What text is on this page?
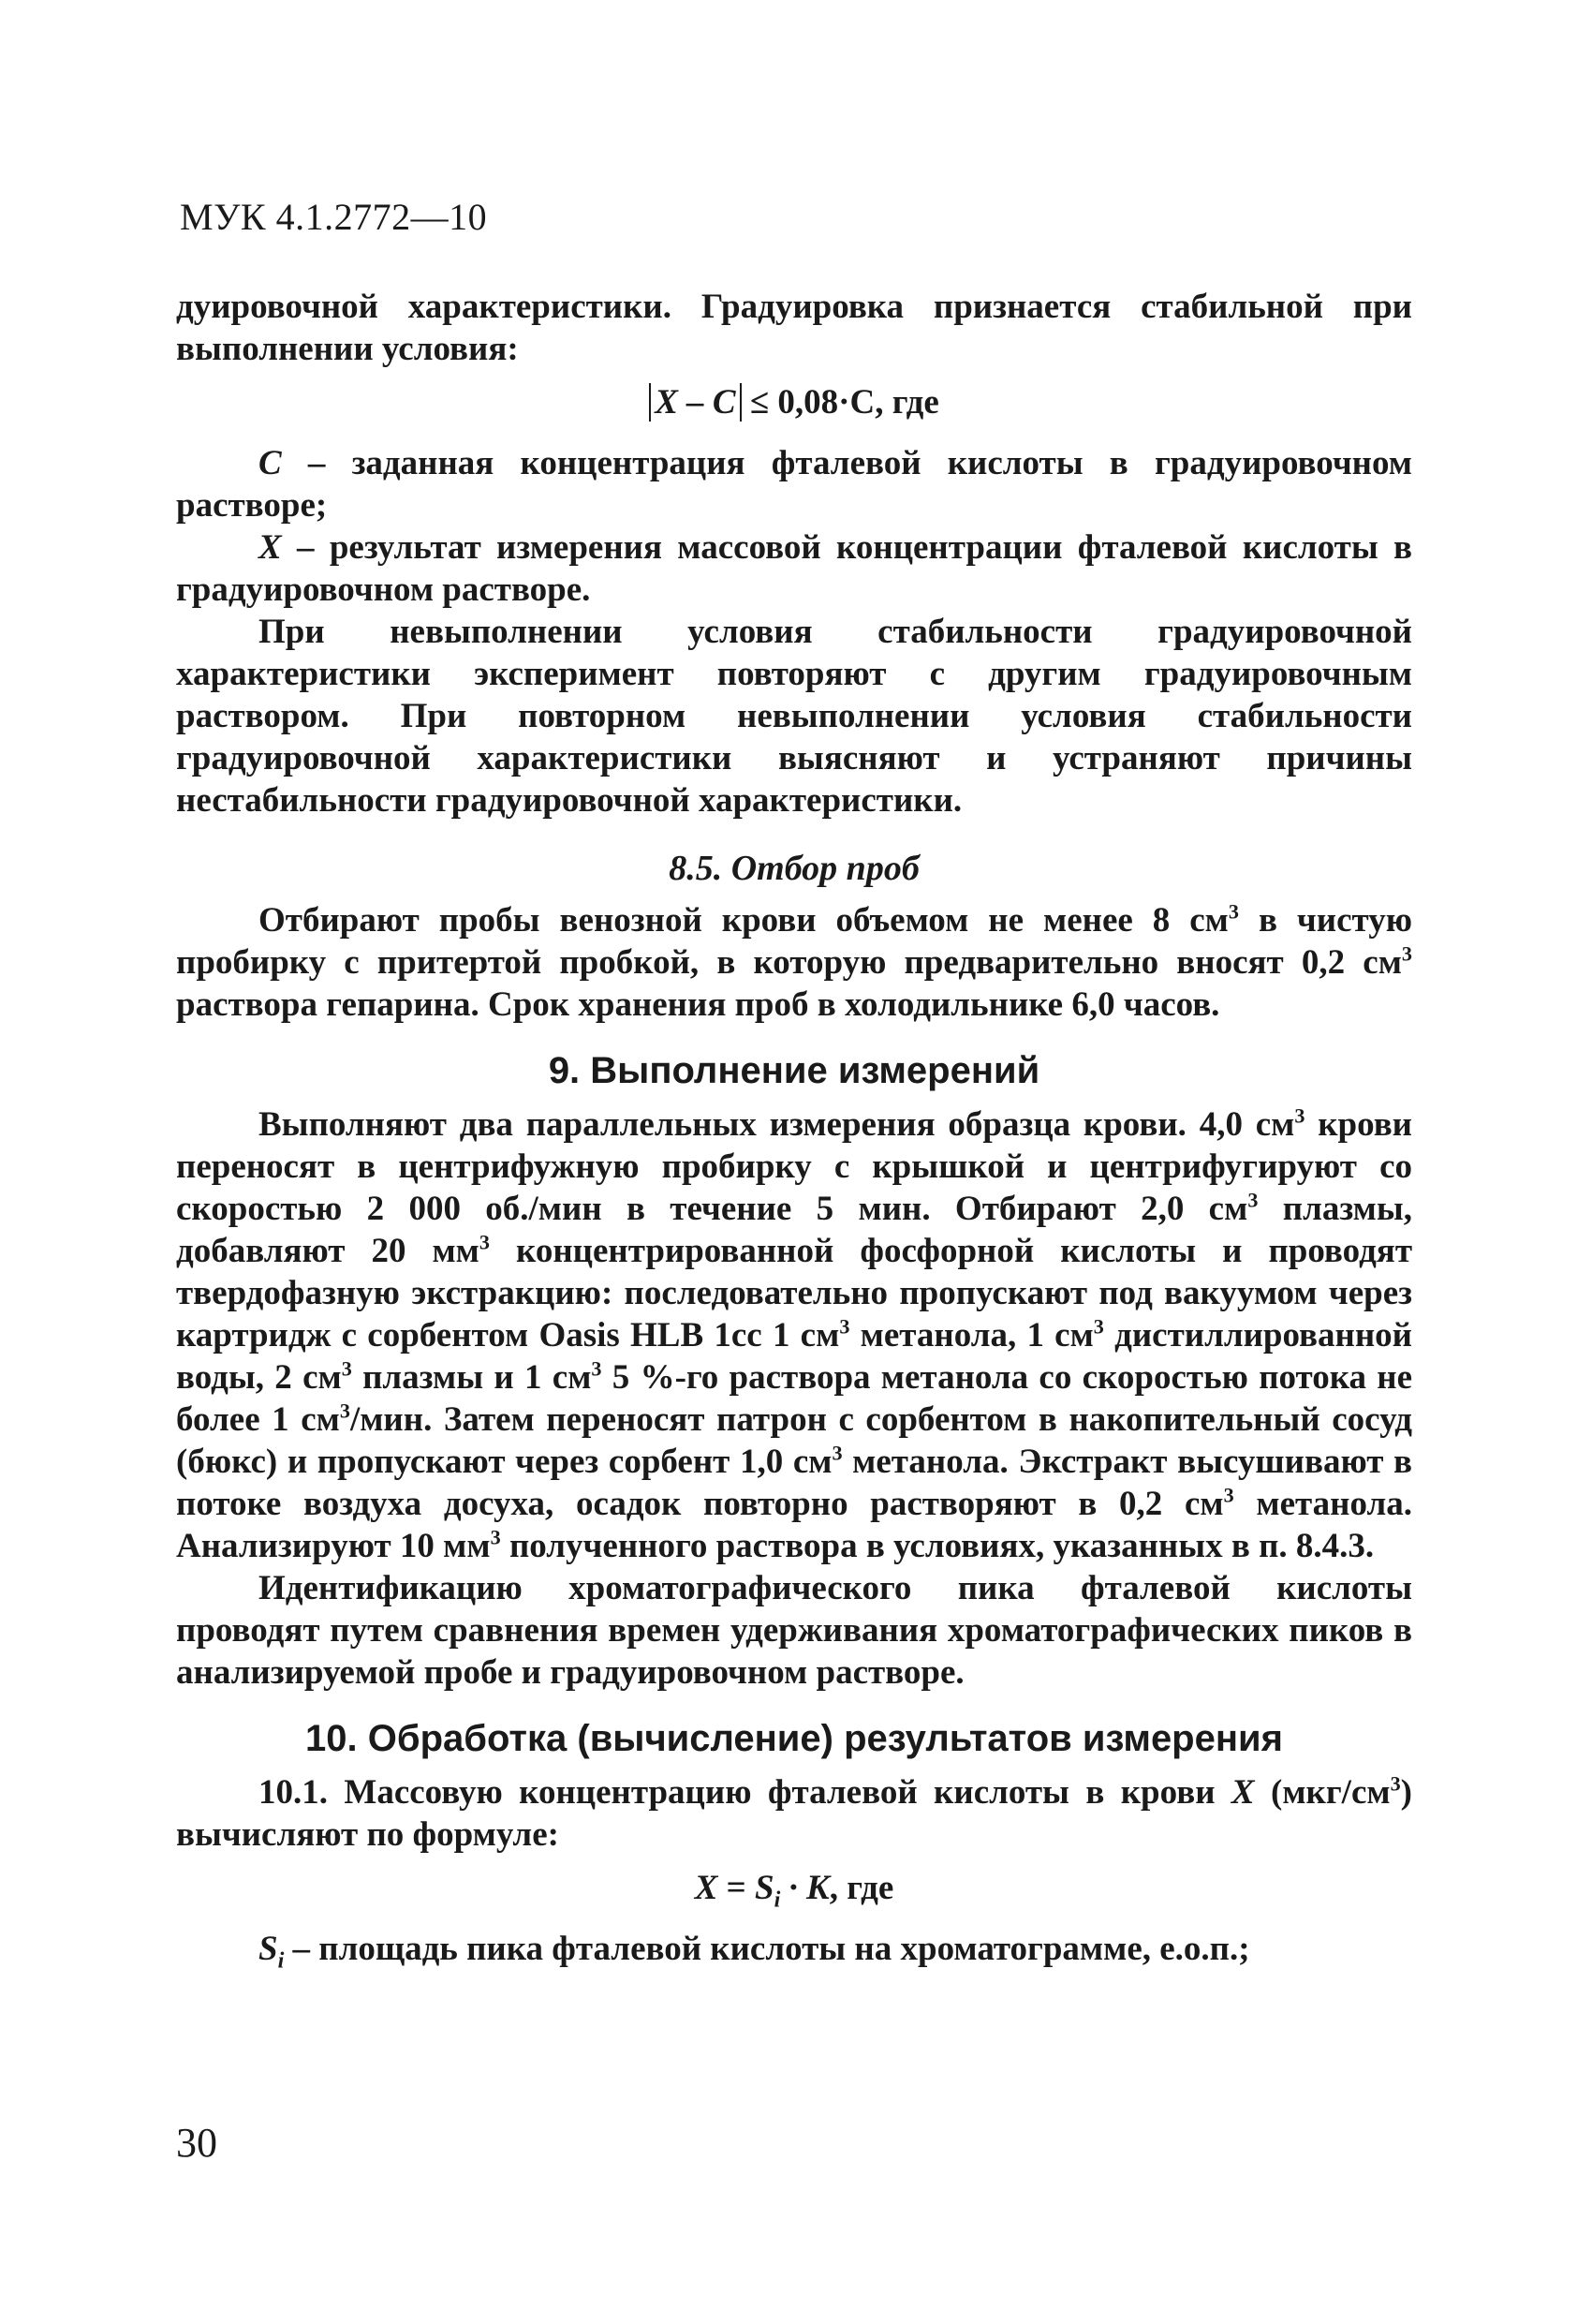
МУК 4.1.2772—10

дуировочной характеристики. Градуировка признается стабильной при выполнении условия:

X – C ≤ 0,08·C, где

C – заданная концентрация фталевой кислоты в градуировочном растворе;

X – результат измерения массовой концентрации фталевой кислоты в градуировочном растворе.

При невыполнении условия стабильности градуировочной характеристики эксперимент повторяют с другим градуировочным раствором. При повторном невыполнении условия стабильности градуировочной характеристики выясняют и устраняют причины нестабильности градуировочной характеристики.

8.5. Отбор проб

Отбирают пробы венозной крови объемом не менее 8 $см^3$ в чистую пробирку с притертой пробкой, в которую предварительно вносят 0,2 $см^3$ раствора гепарина. Срок хранения проб в холодильнике 6,0 часов.

9. Выполнение измерений

Выполняют два параллельных измерения образца крови. 4,0 $см^3$ крови переносят в центрифужную пробирку с крышкой и центрифугируют со скоростью 2 000 об./мин в течение 5 мин. Отбирают 2,0 $см^3$ плазмы, добавляют 20 $мм^3$ концентрированной фосфорной кислоты и проводят твердофазную экстракцию: последовательно пропускают под вакуумом через картридж с сорбентом Oasis HLB 1cc 1 $см^3$ метанола, 1 $см^3$ дистиллированной воды, 2 $см^3$ плазмы и 1 $см^3$ 5 %-го раствора метанола со скоростью потока не более 1 $см^3$/мин. Затем переносят патрон с сорбентом в накопительный сосуд (бюкс) и пропускают через сорбент 1,0 $см^3$ метанола. Экстракт высушивают в потоке воздуха досуха, осадок повторно растворяют в 0,2 $см^3$ метанола. Анализируют 10 $мм^3$ полученного раствора в условиях, указанных в п. 8.4.3.

Идентификацию хроматографического пика фталевой кислоты проводят путем сравнения времен удерживания хроматографических пиков в анализируемой пробе и градуировочном растворе.

10. Обработка (вычисление) результатов измерения

10.1. Массовую концентрацию фталевой кислоты в крови X $(мкг/см^3)$ вычисляют по формуле:

$X = S_i \cdot K$, где

$S_i$ – площадь пика фталевой кислоты на хроматограмме, е.о.п.;

30
